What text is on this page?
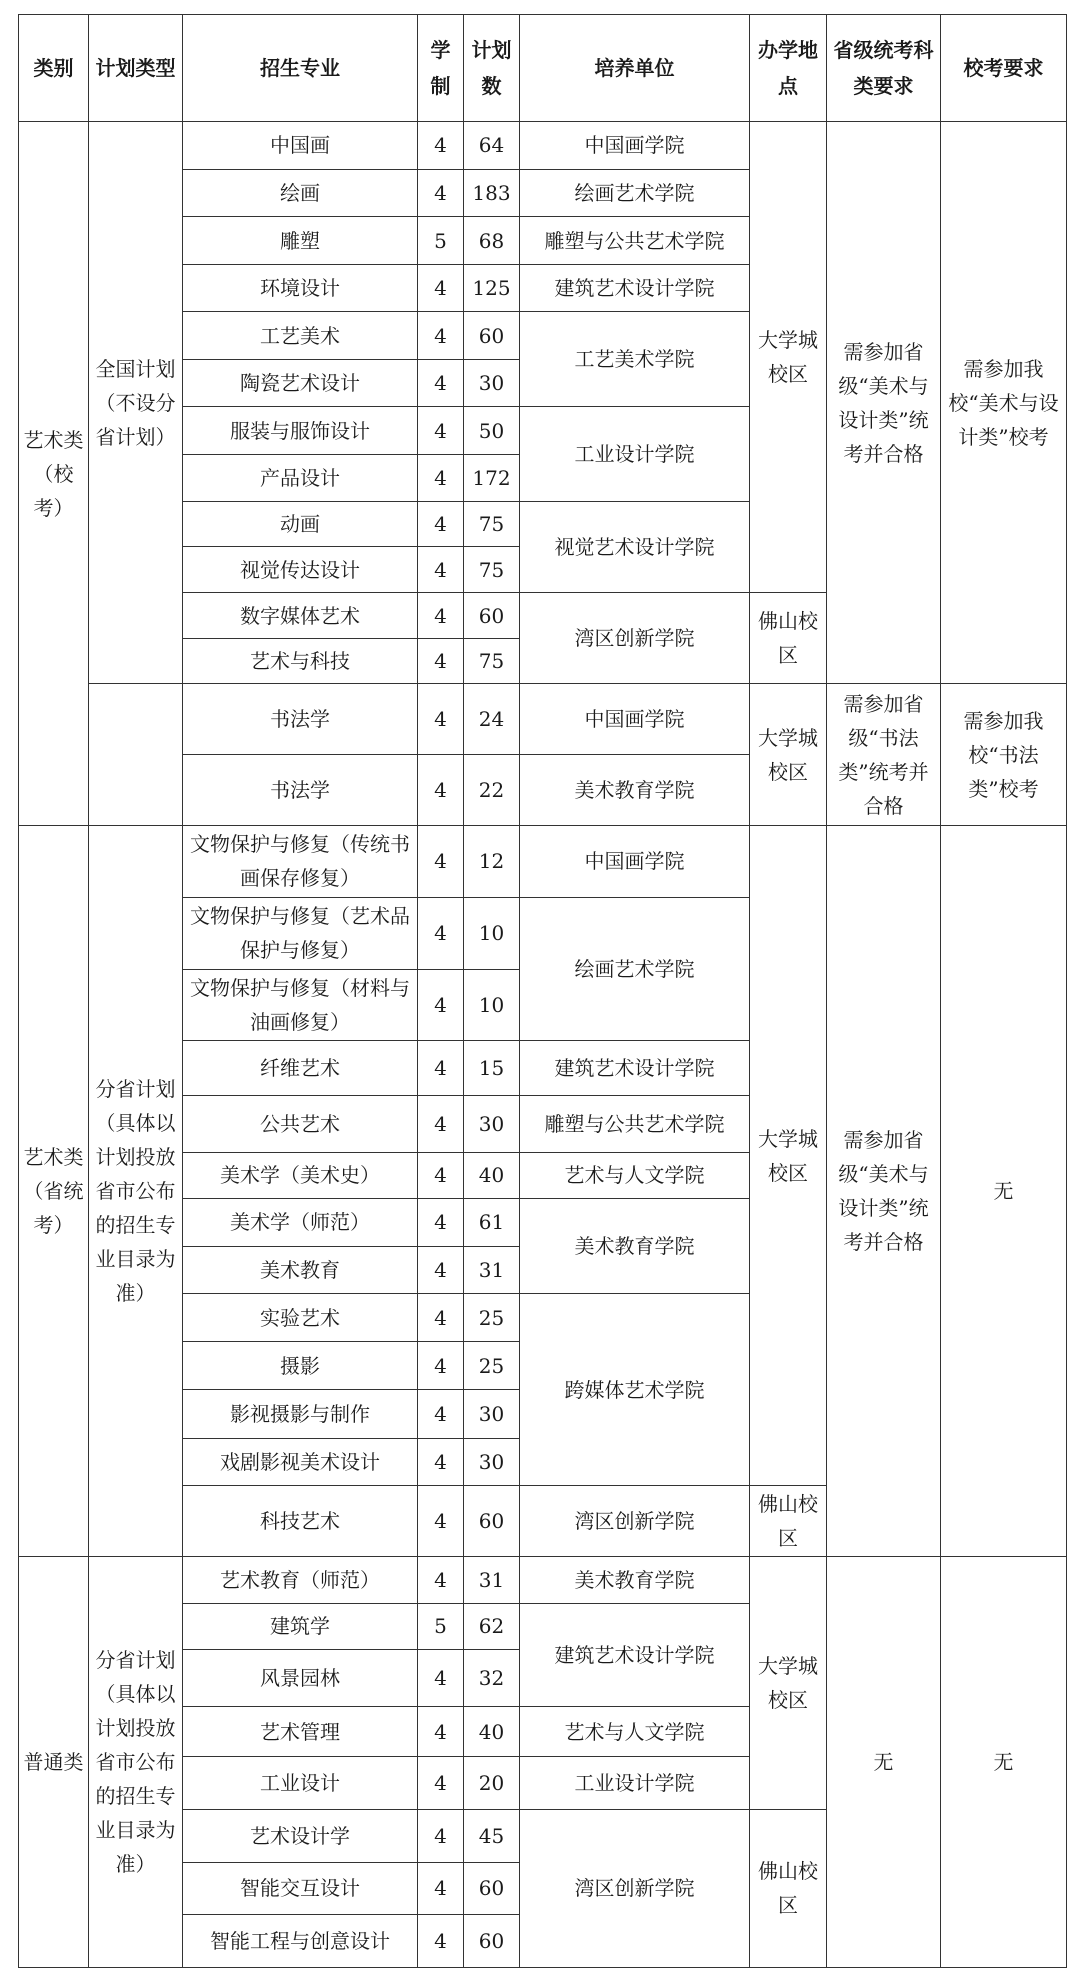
类别	计划类型	招生专业	学制	计划数	培养单位	办学地点	省级统考科类要求	校考要求
艺术类（校考）	全国计划（不设分省计划）	中国画	4	64	中国画学院	大学城校区	需参加省级“美术与设计类”统考并合格	需参加我校“美术与设计类”校考
		绘画	4	183	绘画艺术学院			
		雕塑	5	68	雕塑与公共艺术学院			
		环境设计	4	125	建筑艺术设计学院			
		工艺美术	4	60	工艺美术学院			
		陶瓷艺术设计	4	30				
		服装与服饰设计	4	50	工业设计学院			
		产品设计	4	172				
		动画	4	75	视觉艺术设计学院			
		视觉传达设计	4	75				
		数字媒体艺术	4	60	湾区创新学院	佛山校区		
		艺术与科技	4	75				
		书法学	4	24	中国画学院	大学城校区	需参加省级“书法类”统考并合格	需参加我校“书法类”校考
		书法学	4	22	美术教育学院			
艺术类（省统考）	分省计划（具体以计划投放省市公布的招生专业目录为准）	文物保护与修复（传统书画保存修复）	4	12	中国画学院	大学城校区	需参加省级“美术与设计类”统考并合格	无
		文物保护与修复（艺术品保护与修复）	4	10	绘画艺术学院			
		文物保护与修复（材料与油画修复）	4	10				
		纤维艺术	4	15	建筑艺术设计学院			
		公共艺术	4	30	雕塑与公共艺术学院			
		美术学（美术史）	4	40	艺术与人文学院			
		美术学（师范）	4	61	美术教育学院			
		美术教育	4	31				
		实验艺术	4	25	跨媒体艺术学院			
		摄影	4	25				
		影视摄影与制作	4	30				
		戏剧影视美术设计	4	30				
		科技艺术	4	60	湾区创新学院	佛山校区		
普通类	分省计划（具体以计划投放省市公布的招生专业目录为准）	艺术教育（师范）	4	31	美术教育学院	大学城校区	无	无
		建筑学	5	62	建筑艺术设计学院			
		风景园林	4	32				
		艺术管理	4	40	艺术与人文学院			
		工业设计	4	20	工业设计学院			
		艺术设计学	4	45	湾区创新学院	佛山校区		
		智能交互设计	4	60				
		智能工程与创意设计	4	60				
